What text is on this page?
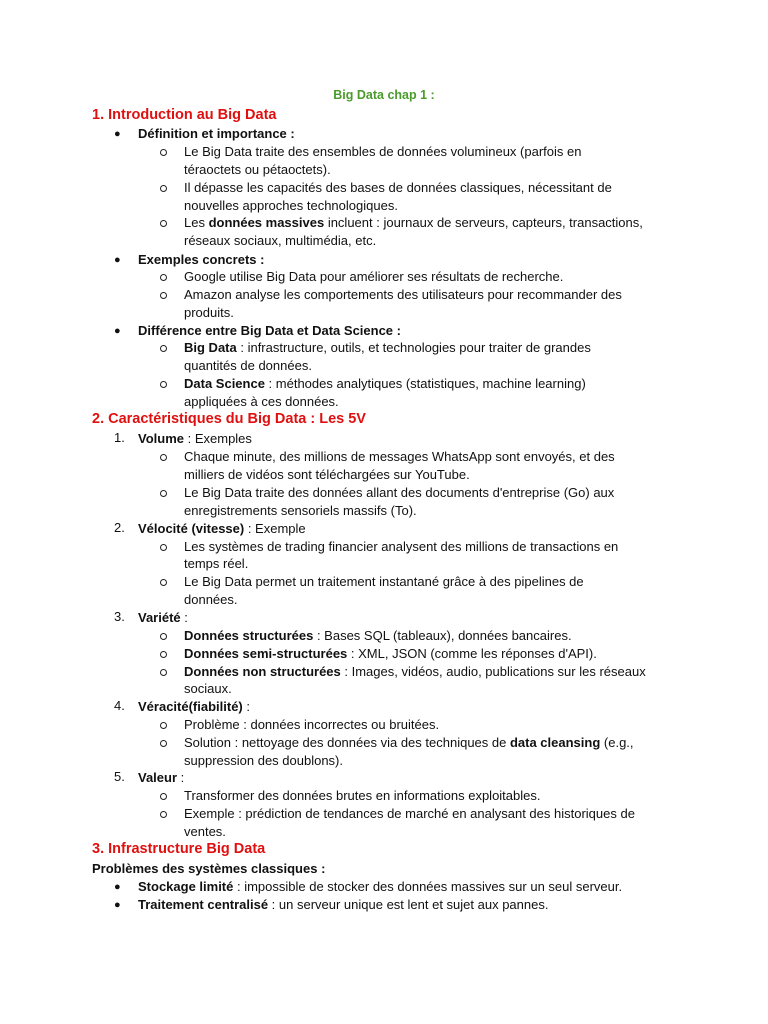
Big Data chap 1 :
1. Introduction au Big Data
● Définition et importance :
Le Big Data traite des ensembles de données volumineux (parfois en
téraoctets ou pétaoctets).
Il dépasse les capacités des bases de données classiques, nécessitant de
nouvelles approches technologiques.
Les données massives incluent : journaux de serveurs, capteurs, transactions,
réseaux sociaux, multimédia, etc.
● Exemples concrets :
Google utilise Big Data pour améliorer ses résultats de recherche.
Amazon analyse les comportements des utilisateurs pour recommander des
produits.
● Différence entre Big Data et Data Science :
Big Data : infrastructure, outils, et technologies pour traiter de grandes
quantités de données.
Data Science : méthodes analytiques (statistiques, machine learning)
appliquées à ces données.
2. Caractéristiques du Big Data : Les 5V
1. Volume : Exemples
Chaque minute, des millions de messages WhatsApp sont envoyés, et des
milliers de vidéos sont téléchargées sur YouTube.
Le Big Data traite des données allant des documents d'entreprise (Go) aux
enregistrements sensoriels massifs (To).
2. Vélocité (vitesse) : Exemple
Les systèmes de trading financier analysent des millions de transactions en
temps réel.
Le Big Data permet un traitement instantané grâce à des pipelines de
données.
3. Variété :
Données structurées : Bases SQL (tableaux), données bancaires.
Données semi-structurées : XML, JSON (comme les réponses d'API).
Données non structurées : Images, vidéos, audio, publications sur les réseaux
sociaux.
4. Véracité(fiabilité) :
Problème : données incorrectes ou bruitées.
Solution : nettoyage des données via des techniques de data cleansing (e.g.,
suppression des doublons).
5. Valeur :
Transformer des données brutes en informations exploitables.
Exemple : prédiction de tendances de marché en analysant des historiques de
ventes.
3. Infrastructure Big Data
Problèmes des systèmes classiques :
● Stockage limité : impossible de stocker des données massives sur un seul serveur.
● Traitement centralisé : un serveur unique est lent et sujet aux pannes.
